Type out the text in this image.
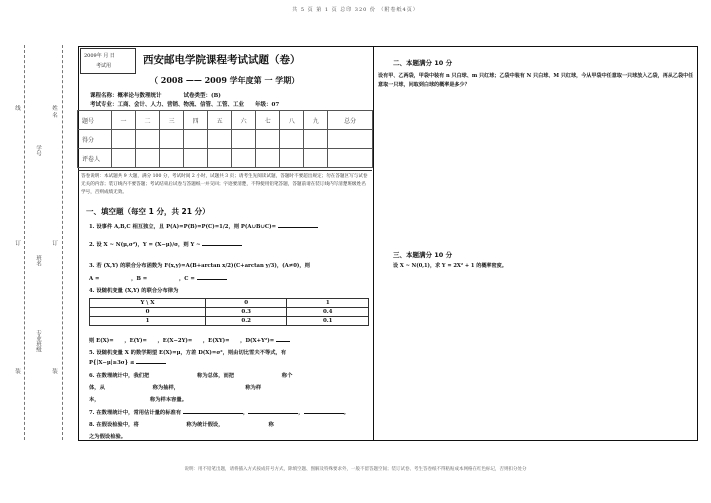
共 5 页 第 1 页 总印 320 份 （附卷纸4页）
线
订
装
学号
班名
专业班级
姓 名
订
装
2009年 月 日
考试用	西安邮电学院课程考试试题（卷）
（ 2008 —— 2009 学年度第 一 学期）
课程名称：概率论与数理统计　　　　试卷类型：(B)
考试专业：工商、会计、人力、营销、物流、信管、工管、工业　　年级：07
题号	一	二	三	四	五	六	七	八	九	总分
得分										
评卷人										
答卷说明：本试题共 9 大题，满分 100 分，考试时间 2 小时，试题共 3 页；请考生先阅读试题，答题时不要超出规定；勿在答题区写与试卷无关的内容；装订线内不要答题；考试结束后试卷与答题纸一并交回；字迹要清楚，不得使用铅笔答题，答题前请在装订线内写清楚班级姓名学号，否则成绩无效。
一、填空题（每空 1 分，共 21 分）
1. 设事件 A,B,C 相互独立，且 P(A)=P(B)=P(C)=1/2，则 P(A∪B∪C)=
2. 设 X ~ N(μ,σ²)，Y = (X−μ)/σ，则 Y ~
3. 若 (X,Y) 的联合分布函数为 F(x,y)=A(B+arctan x/2)(C+arctan y/3)，(A≠0)，则
A =　　　　　　，B =　　　　　　，C =
4. 设随机变量 (X,Y) 的联合分布律为
Y \ X	0	1
0	0.3	0.4
1	0.2	0.1
则 E(X)=　　，E(Y)=　　，E(X−2Y)=　　，E(XY)=　　，D(X+Y²)=
5. 设随机变量 X 的数学期望 E(X)=μ，方差 D(X)=σ²，则由切比雪夫不等式，有
P{|X−μ|≥3σ} ≤
6. 在数理统计中，我们把　　　　　　　　　称为总体，而把　　　　　　　　　称个
体，从　　　　　　　　　称为抽样，　　　　　　　　　　　　　称为样
本，　　　　　　　　　　称为样本容量。
7. 在数理统计中，常用估计量的标准有	，	，	。
8. 在假设检验中，将　　　　　　　　　称为统计假设，　　　　　　　　　称
之为假设检验。
二、本题满分 10 分
设有甲、乙两袋，甲袋中装有 n 只白球、m 只红球；乙袋中装有 N 只白球、M 只红球，今从甲袋中任意取一只球放入乙袋，再从乙袋中任意取一只球，问取到白球的概率是多少？
三、本题满分 10 分
设 X ~ N(0,1)，求 Y = 2X² + 1 的概率密度。
说明：用不铅笔出题，请将插入方式按成符号方式，除填空题、图解及特殊要求外，一般不留答题空间；装订试卷、考生答卷纸不得粘贴成本网格在红色标记，否则扣分处分
